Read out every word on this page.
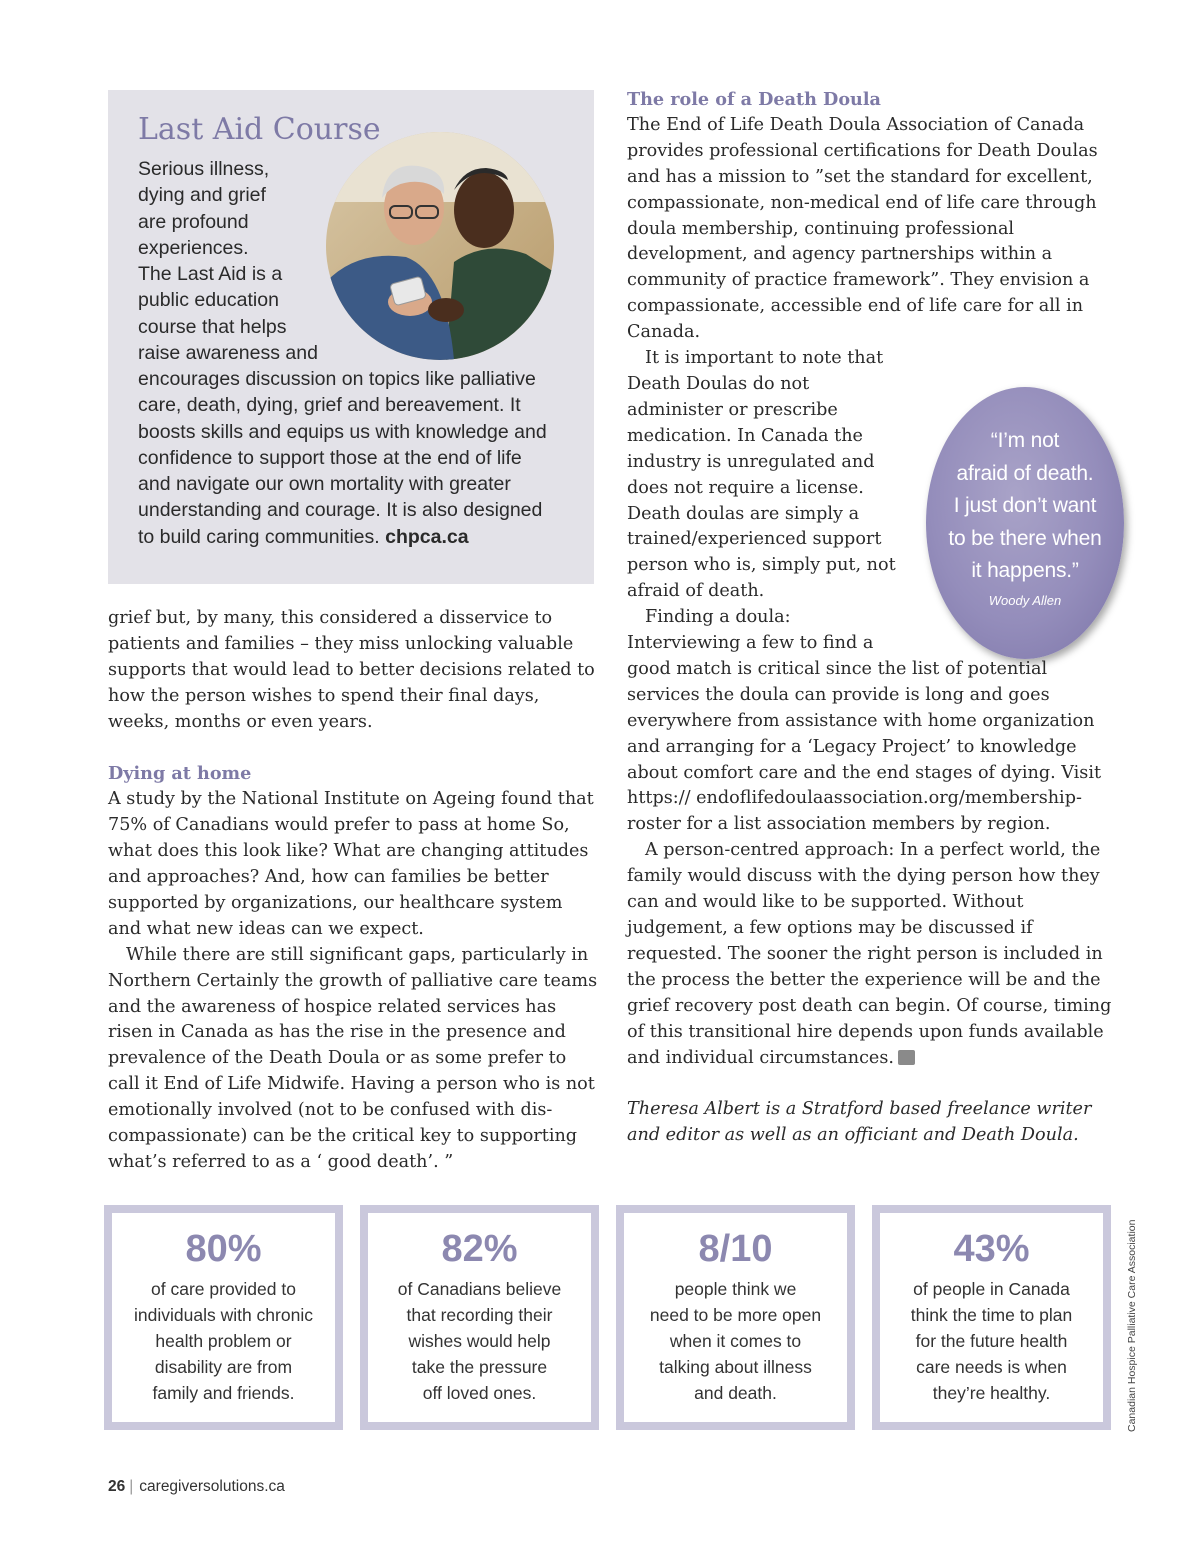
Last Aid Course
Serious illness,
dying and grief
are profound
experiences.
The Last Aid is a
public education
course that helps
raise awareness and
encourages discussion on topics like palliative
care, death, dying, grief and bereavement. It
boosts skills and equips us with knowledge and
confidence to support those at the end of life
and navigate our own mortality with greater
understanding and courage. It is also designed
to build caring communities. chpca.ca

grief but, by many, this considered a disservice to patients and families – they miss unlocking valuable supports that would lead to better decisions related to how the person wishes to spend their final days, weeks, months or even years.

Dying at home

A study by the National Institute on Ageing found that 75% of Canadians would prefer to pass at home So, what does this look like? What are changing attitudes and approaches? And, how can families be better supported by organizations, our healthcare system and what new ideas can we expect.

While there are still significant gaps, particularly in Northern Certainly the growth of palliative care teams and the awareness of hospice related services has risen in Canada as has the rise in the presence and prevalence of the Death Doula or as some prefer to call it End of Life Midwife. Having a person who is not emotionally involved (not to be confused with dis-compassionate) can be the critical key to supporting what’s referred to as a ‘ good death’. ”

The role of a Death Doula

The End of Life Death Doula Association of Canada provides professional certifications for Death Doulas and has a mission to ”set the standard for excellent, compassionate, non-medical end of life care through doula membership, continuing professional development, and agency partnerships within a community of practice framework”. They envision a compassionate, accessible end of life care for all in Canada.

It is important to note that Death Doulas do not administer or prescribe medication. In Canada the industry is unregulated and does not require a license. Death doulas are simply a trained/experienced support person who is, simply put, not afraid of death.

Finding a doula: Interviewing a few to find a good match is critical since the list of potential services the doula can provide is long and goes everywhere from assistance with home organization and arranging for a ‘Legacy Project’ to knowledge about comfort care and the end stages of dying. Visit https:// endoflifedoulaassociation.org/membership-roster for a list association members by region.

A person-centred approach: In a perfect world, the family would discuss with the dying person how they can and would like to be supported. Without judgement, a few options may be discussed if requested. The sooner the right person is included in the process the better the experience will be and the grief recovery post death can begin. Of course, timing of this transitional hire depends upon funds available and individual circumstances. CS

Theresa Albert is a Stratford based freelance writer and editor as well as an officiant and Death Doula.

“I’m not
afraid of death.
I just don’t want
to be there when
it happens.”
Woody Allen
80%
of care provided to
individuals with chronic
health problem or
disability are from
family and friends.
82%
of Canadians believe
that recording their
wishes would help
take the pressure
off loved ones.
8/10
people think we
need to be more open
when it comes to
talking about illness
and death.
43%
of people in Canada
think the time to plan
for the future health
care needs is when
they’re healthy.	Canadian Hospice Palliative Care Association
26 | caregiversolutions.ca
